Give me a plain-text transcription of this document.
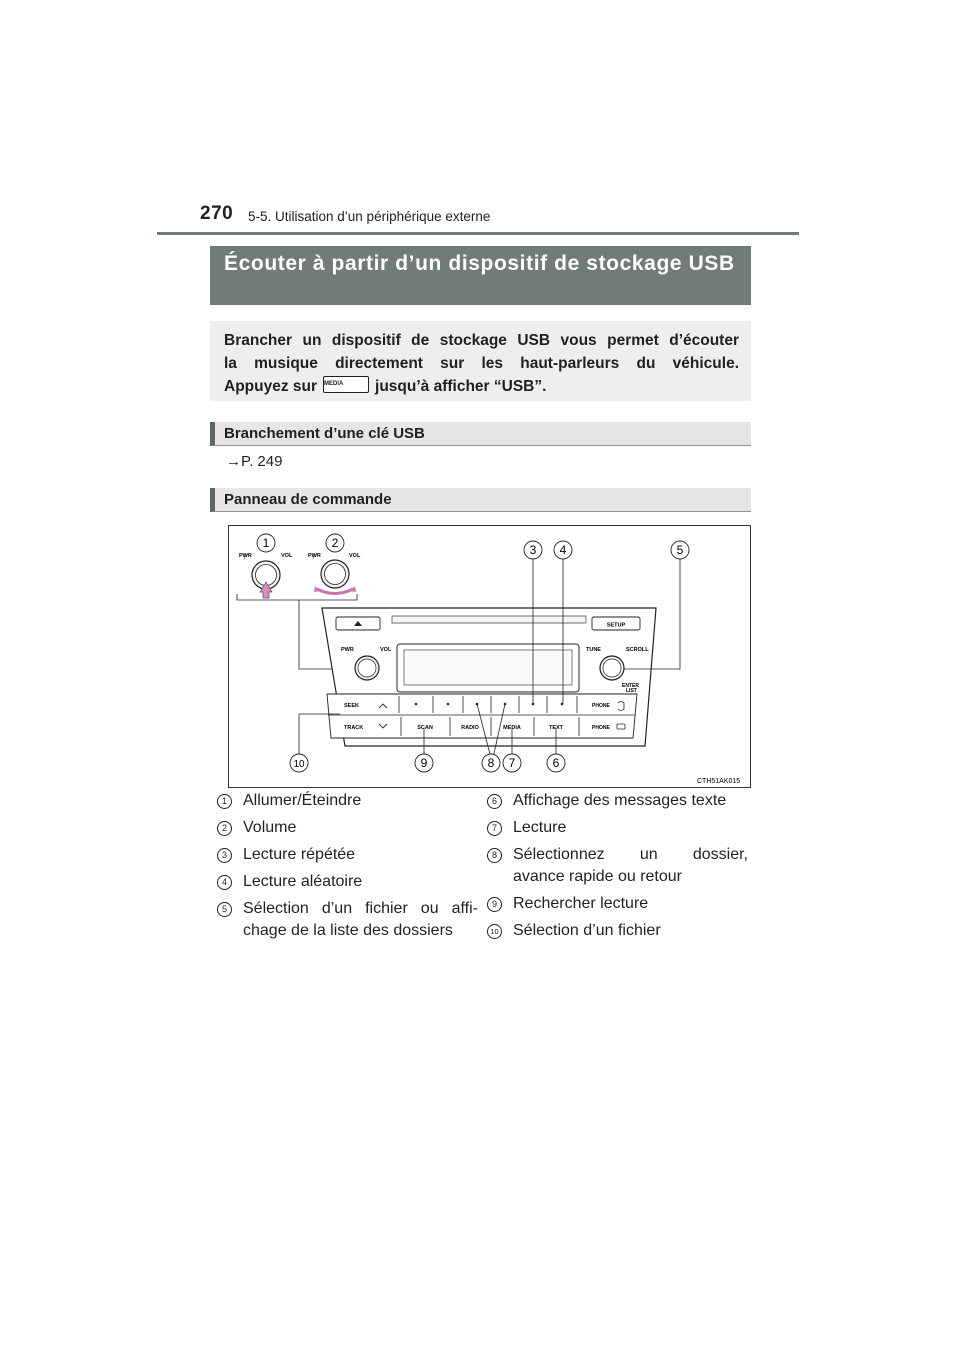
270 5-5. Utilisation d’un périphérique externe
Écouter à partir d’un dispositif de stockage USB
Brancher un dispositif de stockage USB vous permet d’écouter
la musique directement sur les haut-parleurs du véhicule.
Appuyez sur MEDIA jusqu’à afficher “USB”.
Branchement d’une clé USB
→P. 249
Panneau de commande
PWR	VOL	PWR	VOL
SETUP
PWR	VOL	TUNE	SCROLL
ENTER
LIST
SEEK	PHONE
TRACK	SCAN	RADIO	MEDIA	TEXT	PHONE
1	2	3 4	5
6
7
8
9
10
CTH51AK015
1	Allumer/Éteindre
2	Volume
3	Lecture répétée
4	Lecture aléatoire
5	Sélection d’un fichier ou affi-
chage de la liste des dossiers
6	Affichage des messages texte
7	Lecture
8	Sélectionnez un dossier,
avance rapide ou retour
9	Rechercher lecture
10 Sélection d’un fichier
